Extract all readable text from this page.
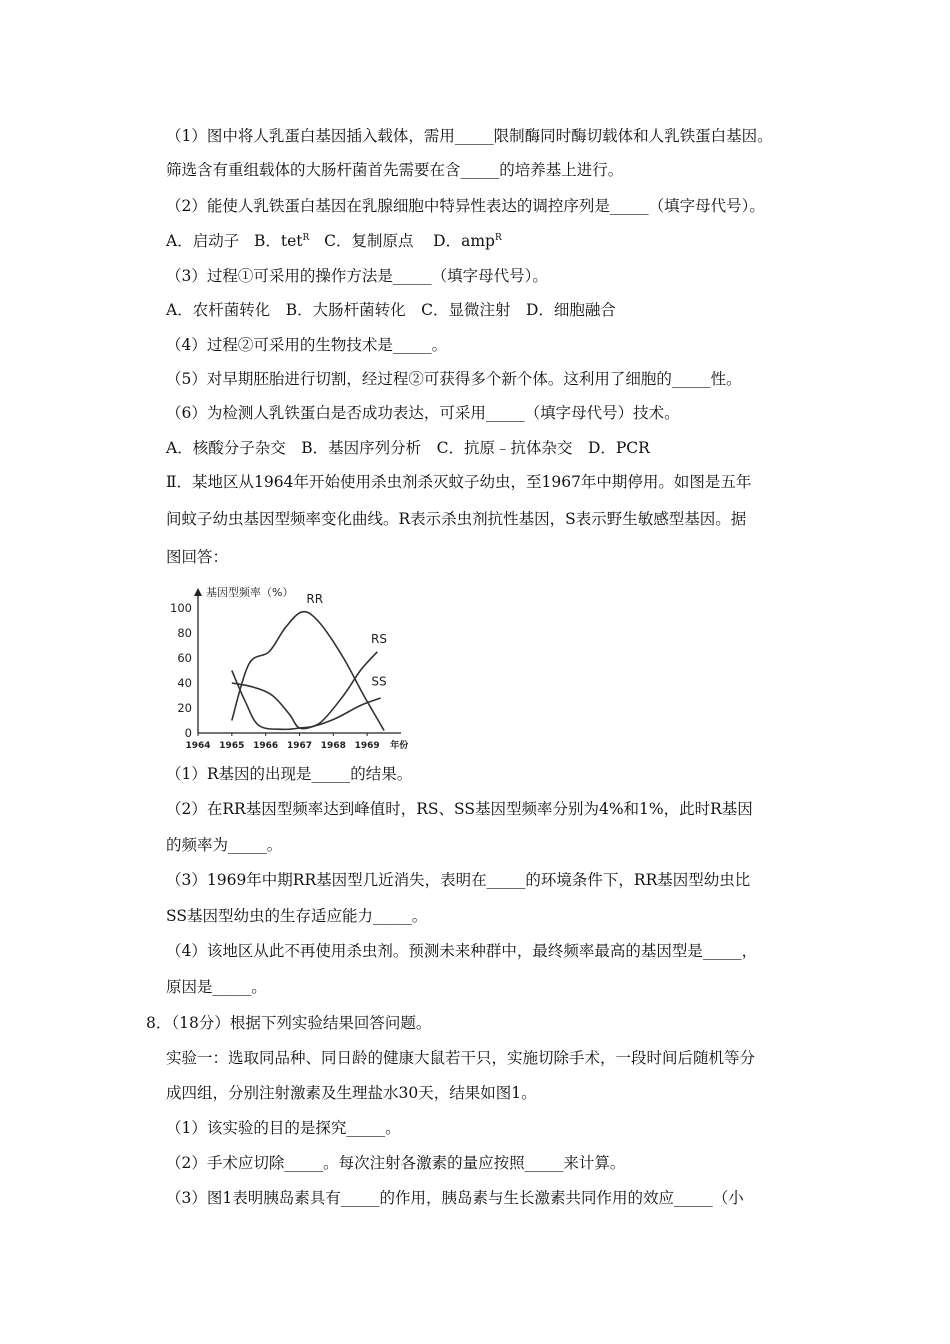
（1）图中将人乳蛋白基因插入载体，需用_____限制酶同时酶切载体和人乳铁蛋白基因。
筛选含有重组载体的大肠杆菌首先需要在含_____的培养基上进行。
（2）能使人乳铁蛋白基因在乳腺细胞中特异性表达的调控序列是_____（填字母代号）。
A．启动子 B．tet$^R$ C．复制原点 D．amp$^R$
（3）过程①可采用的操作方法是_____（填字母代号）。
A．农杆菌转化　B．大肠杆菌转化　C．显微注射　D．细胞融合
（4）过程②可采用的生物技术是_____。
（5）对早期胚胎进行切割，经过程②可获得多个新个体。这利用了细胞的_____性。
（6）为检测人乳铁蛋白是否成功表达，可采用_____（填字母代号）技术。
A．核酸分子杂交　B．基因序列分析　C．抗原﹣抗体杂交　D．PCR
Ⅱ．某地区从1964年开始使用杀虫剂杀灭蚊子幼虫，至1967年中期停用。如图是五年
间蚊子幼虫基因型频率变化曲线。R表示杀虫剂抗性基因，S表示野生敏感型基因。据
图回答：
100
80
60
40
20
0
1964 1965 1966 1967 1968 1969 年份
基因型频率（%） RR
RS
SS
（1）R基因的出现是_____的结果。
（2）在RR基因型频率达到峰值时，RS、SS基因型频率分别为4%和1%，此时R基因
的频率为_____。
（3）1969年中期RR基因型几近消失，表明在_____的环境条件下，RR基因型幼虫比
SS基因型幼虫的生存适应能力_____。
（4）该地区从此不再使用杀虫剂。预测未来种群中，最终频率最高的基因型是_____，
原因是_____。
8．（18分）根据下列实验结果回答问题。
实验一：选取同品种、同日龄的健康大鼠若干只，实施切除手术，一段时间后随机等分
成四组，分别注射激素及生理盐水30天，结果如图1。
（1）该实验的目的是探究_____。
（2）手术应切除_____。每次注射各激素的量应按照_____来计算。
（3）图1表明胰岛素具有_____的作用，胰岛素与生长激素共同作用的效应_____（小
